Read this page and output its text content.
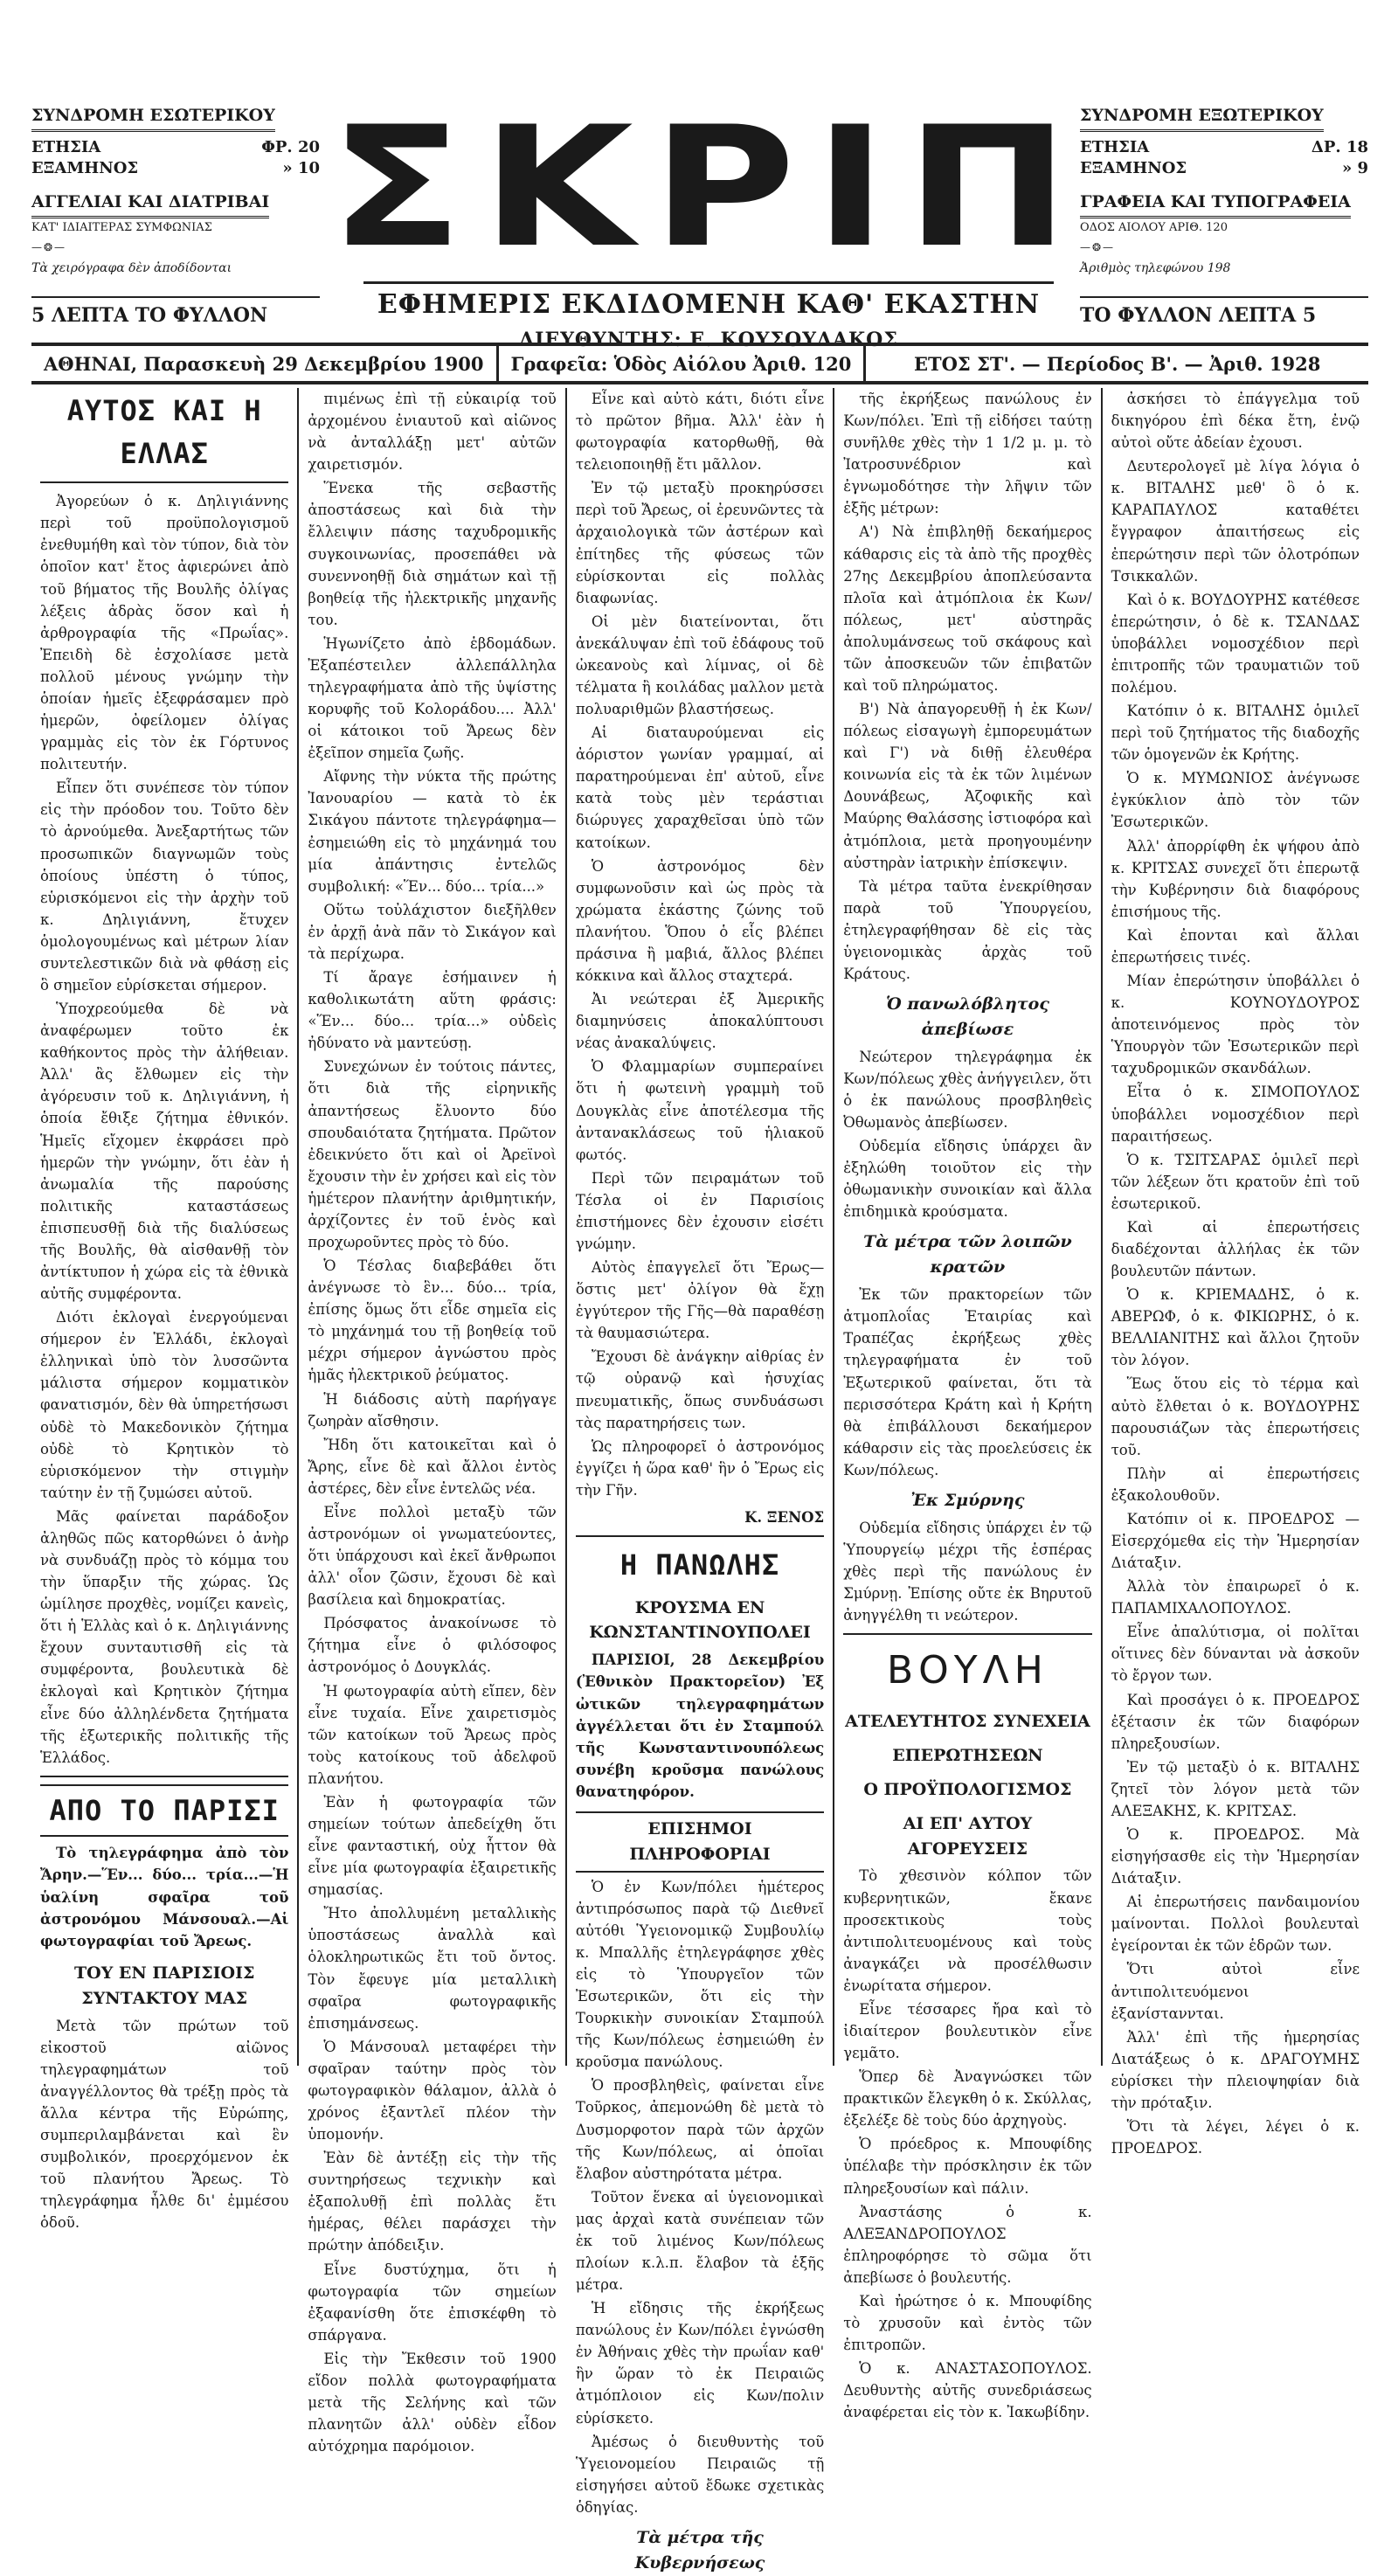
ΣΥΝΔΡΟΜΗ ΕΣΩΤΕΡΙΚΟΥ
ΕΤΗΣΙΑ	ΦΡ. 20
ΕΞΑΜΗΝΟΣ	» 10
ΑΓΓΕΛΙΑΙ ΚΑΙ ΔΙΑΤΡΙΒΑΙ
ΚΑΤ' ΙΔΙΑΙΤΕΡΑΣ ΣΥΜΦΩΝΙΑΣ
—❂—
Τὰ χειρόγραφα δὲν ἀποδίδονται
5 ΛΕΠΤΑ ΤΟ ΦΥΛΛΟΝ
ΣΚΡΙΠ
ΕΦΗΜΕΡΙΣ ΕΚΔΙΔΟΜΕΝΗ ΚΑΘ' ΕΚΑΣΤΗΝ
ΔΙΕΥΘΥΝΤΗΣ: Ε. ΚΟΥΣΟΥΛΑΚΟΣ
ΣΥΝΔΡΟΜΗ ΕΞΩΤΕΡΙΚΟΥ
ΕΤΗΣΙΑ	ΔΡ. 18
ΕΞΑΜΗΝΟΣ	» 9
ΓΡΑΦΕΙΑ ΚΑΙ ΤΥΠΟΓΡΑΦΕΙΑ
ΟΔΟΣ ΑΙΟΛΟΥ ΑΡΙΘ. 120
—❂—
Ἀριθμὸς τηλεφώνου 198
ΤΟ ΦΥΛΛΟΝ ΛΕΠΤΑ 5
ΑΘΗΝΑΙ, Παρασκευὴ 29 Δεκεμβρίου 1900	Γραφεῖα: Ὁδὸς Αἰόλου Ἀριθ. 120	ΕΤΟΣ ΣΤ'. — Περίοδος Β'. — Ἀριθ. 1928
ΑΥΤΟΣ ΚΑΙ Η ΕΛΛΑΣ

Ἀγορεύων ὁ κ. Δηλιγιάννης περὶ τοῦ προϋπολογισμοῦ ἐνεθυμήθη καὶ τὸν τύπον, διὰ τὸν ὁποῖον κατ' ἔτος ἀφιερώνει ἀπὸ τοῦ βήματος τῆς Βουλῆς ὀλίγας λέξεις ἀδρὰς ὅσον καὶ ἡ ἀρθρογραφία τῆς «Πρωΐας». Ἐπειδὴ δὲ ἐσχολίασε μετὰ πολλοῦ μένους γνώμην τὴν ὁποίαν ἡμεῖς ἐξεφράσαμεν πρὸ ἡμερῶν, ὀφείλομεν ὀλίγας γραμμὰς εἰς τὸν ἐκ Γόρτυνος πολιτευτήν.

Εἶπεν ὅτι συνέπεσε τὸν τύπον εἰς τὴν πρόοδον του. Τοῦτο δὲν τὸ ἀρνούμεθα. Ἀνεξαρτήτως τῶν προσωπικῶν διαγνωμῶν τοὺς ὁποίους ὑπέστη ὁ τύπος, εὑρισκόμενοι εἰς τὴν ἀρχὴν τοῦ κ. Δηλιγιάννη, ἔτυχεν ὁμολογουμένως καὶ μέτρων λίαν συντελεστικῶν διὰ νὰ φθάσῃ εἰς ὃ σημεῖον εὑρίσκεται σήμερον.

Ὑποχρεούμεθα δὲ νὰ ἀναφέρωμεν τοῦτο ἐκ καθήκοντος πρὸς τὴν ἀλήθειαν. Ἀλλ' ἂς ἔλθωμεν εἰς τὴν ἀγόρευσιν τοῦ κ. Δηλιγιάννη, ἡ ὁποία ἔθιξε ζήτημα ἐθνικόν. Ἡμεῖς εἴχομεν ἐκφράσει πρὸ ἡμερῶν τὴν γνώμην, ὅτι ἐὰν ἡ ἀνωμαλία τῆς παρούσης πολιτικῆς καταστάσεως ἐπισπευσθῇ διὰ τῆς διαλύσεως τῆς Βουλῆς, θὰ αἰσθανθῇ τὸν ἀντίκτυπον ἡ χώρα εἰς τὰ ἐθνικὰ αὐτῆς συμφέροντα.

Διότι ἐκλογαὶ ἐνεργούμεναι σήμερον ἐν Ἑλλάδι, ἐκλογαὶ ἑλληνικαὶ ὑπὸ τὸν λυσσῶντα μάλιστα σήμερον κομματικὸν φανατισμόν, δὲν θὰ ὑπηρετήσωσι οὐδὲ τὸ Μακεδονικὸν ζήτημα οὐδὲ τὸ Κρητικὸν τὸ εὑρισκόμενον τὴν στιγμὴν ταύτην ἐν τῇ ζυμώσει αὐτοῦ.

Μᾶς φαίνεται παράδοξον ἀληθῶς πῶς κατορθώνει ὁ ἀνὴρ νὰ συνδυάζῃ πρὸς τὸ κόμμα του τὴν ὕπαρξιν τῆς χώρας. Ὡς ὡμίλησε προχθὲς, νομίζει κανεὶς, ὅτι ἡ Ἑλλὰς καὶ ὁ κ. Δηλιγιάννης ἔχουν συνταυτισθῆ εἰς τὰ συμφέροντα, βουλευτικὰ δὲ ἐκλογαὶ καὶ Κρητικὸν ζήτημα εἶνε δύο ἀλληλένδετα ζητήματα τῆς ἐξωτερικῆς πολιτικῆς τῆς Ἑλλάδος.

ΑΠΟ ΤΟ ΠΑΡΙΣΙ

Τὸ τηλεγράφημα ἀπὸ τὸν Ἄρην.—Ἕν... δύο... τρία...—Ἡ ὑαλίνη σφαῖρα τοῦ ἀστρονόμου Μάνσουαλ.—Αἱ φωτογραφίαι τοῦ Ἄρεως.

ΤΟΥ ΕΝ ΠΑΡΙΣΙΟΙΣ ΣΥΝΤΑΚΤΟΥ ΜΑΣ

Μετὰ τῶν πρώτων τοῦ εἰκοστοῦ αἰῶνος τηλεγραφημάτων τοῦ ἀναγγέλλοντος θὰ τρέξῃ πρὸς τὰ ἄλλα κέντρα τῆς Εὐρώπης, συμπεριλαμβάνεται καὶ ἓν συμβολικόν, προερχόμενον ἐκ τοῦ πλανήτου Ἄρεως. Τὸ τηλεγράφημα ἦλθε δι' ἐμμέσου ὁδοῦ.

πιμένως ἐπὶ τῇ εὐκαιρίᾳ τοῦ ἀρχομένου ἐνιαυτοῦ καὶ αἰῶνος νὰ ἀνταλλάξῃ μετ' αὐτῶν χαιρετισμόν.

Ἕνεκα τῆς σεβαστῆς ἀποστάσεως καὶ διὰ τὴν ἔλλειψιν πάσης ταχυδρομικῆς συγκοινωνίας, προσεπάθει νὰ συνεννοηθῇ διὰ σημάτων καὶ τῇ βοηθείᾳ τῆς ἠλεκτρικῆς μηχανῆς του.

Ἡγωνίζετο ἀπὸ ἑβδομάδων. Ἐξαπέστειλεν ἀλλεπάλληλα τηλεγραφήματα ἀπὸ τῆς ὑψίστης κορυφῆς τοῦ Κολοράδου.... Ἀλλ' οἱ κάτοικοι τοῦ Ἄρεως δὲν ἐξεῖπον σημεῖα ζωῆς.

Αἴφνης τὴν νύκτα τῆς πρώτης Ἰανουαρίου — κατὰ τὸ ἐκ Σικάγου πάντοτε τηλεγράφημα—ἐσημειώθη εἰς τὸ μηχάνημά του μία ἀπάντησις ἐντελῶς συμβολική: «Ἕν... δύο... τρία...»

Οὕτω τοὐλάχιστον διεξῆλθεν ἐν ἀρχῇ ἀνὰ πᾶν τὸ Σικάγον καὶ τὰ περίχωρα.

Τί ἄραγε ἐσήμαινεν ἡ καθολικωτάτη αὕτη φράσις: «Ἕν... δύο... τρία...» οὐδεὶς ἠδύνατο νὰ μαντεύσῃ.

Συνεχώνων ἐν τούτοις πάντες, ὅτι διὰ τῆς εἰρηνικῆς ἀπαντήσεως ἔλυοντο δύο σπουδαιότατα ζητήματα. Πρῶτον ἐδεικνύετο ὅτι καὶ οἱ Ἀρεϊνοὶ ἔχουσιν τὴν ἐν χρήσει καὶ εἰς τὸν ἡμέτερον πλανήτην ἀριθμητικήν, ἀρχίζοντες ἐν τοῦ ἑνὸς καὶ προχωροῦντες πρὸς τὸ δύο.

Ὁ Τέσλας διαβεβάθει ὅτι ἀνέγνωσε τὸ ἓν... δύο... τρία, ἐπίσης ὅμως ὅτι εἶδε σημεῖα εἰς τὸ μηχάνημά του τῇ βοηθείᾳ τοῦ μέχρι σήμερον ἀγνώστου πρὸς ἡμᾶς ἠλεκτρικοῦ ῥεύματος.

Ἡ διάδοσις αὐτὴ παρήγαγε ζωηρὰν αἴσθησιν.

Ἤδη ὅτι κατοικεῖται καὶ ὁ Ἄρης, εἶνε δὲ καὶ ἄλλοι ἐντὸς ἀστέρες, δὲν εἶνε ἐντελῶς νέα.

Εἶνε πολλοὶ μεταξὺ τῶν ἀστρονόμων οἱ γνωματεύοντες, ὅτι ὑπάρχουσι καὶ ἐκεῖ ἄνθρωποι ἀλλ' οἷον ζῶσιν, ἔχουσι δὲ καὶ βασίλεια καὶ δημοκρατίας.

Πρόσφατος ἀνακοίνωσε τὸ ζήτημα εἶνε ὁ φιλόσοφος ἀστρονόμος ὁ Δουγκλάς.

Ἡ φωτογραφία αὐτὴ εἴπεν, δὲν εἶνε τυχαία. Εἶνε χαιρετισμὸς τῶν κατοίκων τοῦ Ἄρεως πρὸς τοὺς κατοίκους τοῦ ἀδελφοῦ πλανήτου.

Ἐὰν ἡ φωτογραφία τῶν σημείων τούτων ἀπεδείχθη ὅτι εἶνε φανταστική, οὐχ ἧττον θὰ εἶνε μία φωτογραφία ἐξαιρετικῆς σημασίας.

Ἤτο ἀπολλυμένη μεταλλικὴς ὑποστάσεως ἀναλλὰ καὶ ὁλοκληρωτικῶς ἔτι τοῦ ὄντος. Τὸν ἔφευγε μία μεταλλικὴ σφαῖρα φωτογραφικῆς ἐπισημάνσεως.

Ὁ Μάνσουαλ μεταφέρει τὴν σφαῖραν ταύτην πρὸς τὸν φωτογραφικὸν θάλαμον, ἀλλὰ ὁ χρόνος ἐξαντλεῖ πλέον τὴν ὑπομονήν.

Ἐὰν δὲ ἀντέξῃ εἰς τὴν τῆς συντηρήσεως τεχνικὴν καὶ ἐξαπολυθῇ ἐπὶ πολλὰς ἔτι ἡμέρας, θέλει παράσχει τὴν πρώτην ἀπόδειξιν.

Εἶνε δυστύχημα, ὅτι ἡ φωτογραφία τῶν σημείων ἐξαφανίσθη ὅτε ἐπισκέφθη τὸ σπάργανα.

Εἰς τὴν Ἔκθεσιν τοῦ 1900 εἴδον πολλὰ φωτογραφήματα μετὰ τῆς Σελήνης καὶ τῶν πλανητῶν ἀλλ' οὐδὲν εἶδον αὐτόχρημα παρόμοιον.

Εἶνε καὶ αὐτὸ κάτι, διότι εἶνε τὸ πρῶτον βῆμα. Ἀλλ' ἐὰν ἡ φωτογραφία κατορθωθῇ, θὰ τελειοποιηθῇ ἔτι μᾶλλον.

Ἐν τῷ μεταξὺ προκηρύσσει περὶ τοῦ Ἄρεως, οἱ ἐρευνῶντες τὰ ἀρχαιολογικὰ τῶν ἀστέρων καὶ ἐπίτηδες τῆς φύσεως τῶν εὑρίσκονται εἰς πολλὰς διαφωνίας.

Οἱ μὲν διατείνονται, ὅτι ἀνεκάλυψαν ἐπὶ τοῦ ἐδάφους τοῦ ὠκεανοὺς καὶ λίμνας, οἱ δὲ τέλματα ἢ κοιλάδας μαλλον μετὰ πολυαριθμῶν βλαστήσεως.

Αἱ διαταυρούμεναι εἰς ἀόριστον γωνίαν γραμμαί, αἱ παρατηρούμεναι ἐπ' αὐτοῦ, εἶνε κατὰ τοὺς μὲν τεράστιαι διώρυγες χαραχθεῖσαι ὑπὸ τῶν κατοίκων.

Ὁ ἀστρονόμος δὲν συμφωνοῦσιν καὶ ὡς πρὸς τὰ χρώματα ἑκάστης ζώνης τοῦ πλανήτου. Ὅπου ὁ εἷς βλέπει πράσινα ἢ μαβιά, ἄλλος βλέπει κόκκινα καὶ ἄλλος σταχτερά.

Ἀι νεώτεραι ἐξ Ἀμερικῆς διαμηνύσεις ἀποκαλύπτουσι νέας ἀνακαλύψεις.

Ὁ Φλαμμαρίων συμπεραίνει ὅτι ἡ φωτεινὴ γραμμὴ τοῦ Δουγκλὰς εἶνε ἀποτέλεσμα τῆς ἀντανακλάσεως τοῦ ἡλιακοῦ φωτός.

Περὶ τῶν πειραμάτων τοῦ Τέσλα οἱ ἐν Παρισίοις ἐπιστήμονες δὲν ἐχουσιν εἰσέτι γνώμην.

Αὐτὸς ἐπαγγελεῖ ὅτι Ἔρως—ὅστις μετ' ὀλίγον θὰ ἔχῃ ἐγγύτερον τῆς Γῆς—θὰ παραθέσῃ τὰ θαυμασιώτερα.

Ἔχουσι δὲ ἀνάγκην αἰθρίας ἐν τῷ οὐρανῷ καὶ ἡσυχίας πνευματικῆς, ὅπως συνδυάσωσι τὰς παρατηρήσεις των.

Ὡς πληροφορεῖ ὁ ἀστρονόμος ἐγγίζει ἡ ὥρα καθ' ἣν ὁ Ἔρως εἰς τὴν Γῆν.

Κ. ΞΕΝΟΣ
Η ΠΑΝΩΛΗΣ
ΚΡΟΥΣΜΑ ΕΝ ΚΩΝΣΤΑΝΤΙΝΟΥΠΟΛΕΙ

ΠΑΡΙΣΙΟΙ, 28 Δεκεμβρίου (Ἐθνικὸν Πρακτορεῖον) Ἐξ ὠτικῶν τηλεγραφημάτων ἀγγέλλεται ὅτι ἐν Σταμπούλ τῆς Κωνσταντινουπόλεως συνέβη κροῦσμα πανώλους θανατηφόρον.

ΕΠΙΣΗΜΟΙ ΠΛΗΡΟΦΟΡΙΑΙ

Ὁ ἐν Κων/πόλει ἡμέτερος ἀντιπρόσωπος παρὰ τῷ Διεθνεῖ αὐτόθι Ὑγειονομικῷ Συμβουλίῳ κ. Μπαλλῆς ἐτηλεγράφησε χθὲς εἰς τὸ Ὑπουργεῖον τῶν Ἐσωτερικῶν, ὅτι εἰς τὴν Τουρκικὴν συνοικίαν Σταμπούλ τῆς Κων/πόλεως ἐσημειώθη ἐν κροῦσμα πανώλους.

Ὁ προσβληθεὶς, φαίνεται εἶνε Τοῦρκος, ἀπεμονώθη δὲ μετὰ τὸ Δυσμορφοτον παρὰ τῶν ἀρχῶν τῆς Κων/πόλεως, αἱ ὁποῖαι ἔλαβον αὐστηρότατα μέτρα.

Τοῦτον ἕνεκα αἱ ὑγειονομικαὶ μας ἀρχαὶ κατὰ συνέπειαν τῶν ἐκ τοῦ λιμένος Κων/πόλεως πλοίων κ.λ.π. ἔλαβον τὰ ἑξῆς μέτρα.

Ἡ εἴδησις τῆς ἐκρήξεως πανώλους ἐν Κων/πόλει ἐγνώσθη ἐν Ἀθήναις χθὲς τὴν πρωΐαν καθ' ἣν ὥραν τὸ ἐκ Πειραιῶς ἀτμόπλοιον εἰς Κων/πολιν εὑρίσκετο.

Ἀμέσως ὁ διευθυντὴς τοῦ Ὑγειονομείου Πειραιῶς τῇ εἰσηγήσει αὐτοῦ ἔδωκε σχετικὰς ὁδηγίας.

Τὰ μέτρα τῆς Κυβερνήσεως

τῆς ἐκρήξεως πανώλους ἐν Κων/πόλει. Ἐπὶ τῇ εἰδήσει ταύτῃ συνῆλθε χθὲς τὴν 1 1/2 μ. μ. τὸ Ἰατροσυνέδριον καὶ ἐγνωμοδότησε τὴν λῆψιν τῶν ἑξῆς μέτρων:

Α') Νὰ ἐπιβληθῇ δεκαήμερος κάθαρσις εἰς τὰ ἀπὸ τῆς προχθὲς 27ης Δεκεμβρίου ἀποπλεύσαντα πλοῖα καὶ ἀτμόπλοια ἐκ Κων/πόλεως, μετ' αὐστηρᾶς ἀπολυμάνσεως τοῦ σκάφους καὶ τῶν ἀποσκευῶν τῶν ἐπιβατῶν καὶ τοῦ πληρώματος.

Β') Νὰ ἀπαγορευθῇ ἡ ἐκ Κων/πόλεως εἰσαγωγὴ ἐμπορευμάτων καὶ Γ') νὰ διθῇ ἐλευθέρα κοινωνία εἰς τὰ ἐκ τῶν λιμένων Δουνάβεως, Ἀζοφικῆς καὶ Μαύρης Θαλάσσης ἱστιοφόρα καὶ ἀτμόπλοια, μετὰ προηγουμένην αὐστηρὰν ἰατρικὴν ἐπίσκεψιν.

Τὰ μέτρα ταῦτα ἐνεκρίθησαν παρὰ τοῦ Ὑπουργείου, ἐτηλεγραφήθησαν δὲ εἰς τὰς ὑγειονομικὰς ἀρχὰς τοῦ Κράτους.

Ὁ πανωλόβλητος ἀπεβίωσε

Νεώτερον τηλεγράφημα ἐκ Κων/πόλεως χθὲς ἀνήγγειλεν, ὅτι ὁ ἐκ πανώλους προσβληθεὶς Ὀθωμανὸς ἀπεβίωσεν.

Οὐδεμία εἴδησις ὑπάρχει ἂν ἐξηλώθη τοιοῦτον εἰς τὴν ὀθωμανικὴν συνοικίαν καὶ ἄλλα ἐπιδημικὰ κρούσματα.

Τὰ μέτρα τῶν λοιπῶν κρατῶν

Ἐκ τῶν πρακτορείων τῶν ἀτμοπλοΐας Ἑταιρίας καὶ Τραπέζας ἐκρήξεως χθὲς τηλεγραφήματα ἐν τοῦ Ἐξωτερικοῦ φαίνεται, ὅτι τὰ περισσότερα Κράτη καὶ ἡ Κρήτη θὰ ἐπιβάλλουσι δεκαήμερον κάθαρσιν εἰς τὰς προελεύσεις ἐκ Κων/πόλεως.

Ἐκ Σμύρνης

Οὐδεμία εἴδησις ὑπάρχει ἐν τῷ Ὑπουργείῳ μέχρι τῆς ἑσπέρας χθὲς περὶ τῆς πανώλους ἐν Σμύρνῃ. Ἐπίσης οὔτε ἐκ Βηρυτοῦ ἀνηγγέλθη τι νεώτερον.

ΒΟΥΛΗ
ΑΤΕΛΕΥΤΗΤΟΣ ΣΥΝΕΧΕΙΑ
ΕΠΕΡΩΤΗΣΕΩΝ
Ο ΠΡΟΫΠΟΛΟΓΙΣΜΟΣ
ΑΙ ΕΠ' ΑΥΤΟΥ ΑΓΟΡΕΥΣΕΙΣ

Τὸ χθεσινὸν κόλπον τῶν κυβερνητικῶν, ἔκανε προσεκτικοὺς τοὺς ἀντιπολιτευομένους καὶ τοὺς ἀναγκάζει νὰ προσέλθωσιν ἐνωρίτατα σήμερον.

Εἶνε τέσσαρες ἤρα καὶ τὸ ἰδιαίτερον βουλευτικὸν εἶνε γεμᾶτο.

Ὅπερ δὲ Ἀναγνώσκει τῶν πρακτικῶν ἔλεγκθη ὁ κ. Σκύλλας, ἐξελέξε δὲ τοὺς δύο ἀρχηγοὺς.

Ὁ πρόεδρος κ. Μπουφίδης ὑπέλαβε τὴν πρόσκλησιν ἐκ τῶν πληρεξουσίων καὶ πάλιν.

Ἀναστάσης ὁ κ. ΑΛΕΞΑΝΔΡΟΠΟΥΛΟΣ ἐπληροφόρησε τὸ σῶμα ὅτι ἀπεβίωσε ὁ βουλευτής.

Καὶ ἠρώτησε ὁ κ. Μπουφίδης τὸ χρυσοῦν καὶ ἐντὸς τῶν ἐπιτροπῶν.

Ὁ κ. ΑΝΑΣΤΑΣΟΠΟΥΛΟΣ. Δευθυντὴς αὐτῆς συνεδριάσεως ἀναφέρεται εἰς τὸν κ. Ἰακωβίδην.

ἀσκήσει τὸ ἐπάγγελμα τοῦ δικηγόρου ἐπὶ δέκα ἔτη, ἐνῷ αὐτοὶ οὔτε ἀδείαν ἐχουσι.

Δευτερολογεῖ μὲ λίγα λόγια ὁ κ. ΒΙΤΑΛΗΣ μεθ' ὃ ὁ κ. ΚΑΡΑΠΑΥΛΟΣ καταθέτει ἔγγραφον ἀπαιτήσεως εἰς ἐπερώτησιν περὶ τῶν ὁλοτρόπων Τσικκαλῶν.

Καὶ ὁ κ. ΒΟΥΔΟΥΡΗΣ κατέθεσε ἐπερώτησιν, ὁ δὲ κ. ΤΣΑΝΔΑΣ ὑποβάλλει νομοσχέδιον περὶ ἐπιτροπῆς τῶν τραυματιῶν τοῦ πολέμου.

Κατόπιν ὁ κ. ΒΙΤΑΛΗΣ ὁμιλεῖ περὶ τοῦ ζητήματος τῆς διαδοχῆς τῶν ὁμογενῶν ἐκ Κρήτης.

Ὁ κ. ΜΥΜΩΝΙΟΣ ἀνέγνωσε ἐγκύκλιον ἀπὸ τὸν τῶν Ἐσωτερικῶν.

Ἀλλ' ἀπορρίφθη ἐκ ψήφου ἀπὸ κ. ΚΡΙΤΣΑΣ συνεχεῖ ὅτι ἐπερωτᾷ τὴν Κυβέρνησιν διὰ διαφόρους ἐπισήμους τῆς.

Καὶ ἐπονται καὶ ἄλλαι ἐπερωτήσεις τινές.

Μίαν ἐπερώτησιν ὑποβάλλει ὁ κ. ΚΟΥΝΟΥΔΟΥΡΟΣ ἀποτεινόμενος πρὸς τὸν Ὑπουργὸν τῶν Ἐσωτερικῶν περὶ ταχυδρομικῶν σκανδάλων.

Εἶτα ὁ κ. ΣΙΜΟΠΟΥΛΟΣ ὑποβάλλει νομοσχέδιον περὶ παραιτήσεως.

Ὁ κ. ΤΣΙΤΣΑΡΑΣ ὁμιλεῖ περὶ τῶν λέξεων ὅτι κρατοῦν ἐπὶ τοῦ ἐσωτερικοῦ.

Καὶ αἱ ἐπερωτήσεις διαδέχονται ἀλλήλας ἐκ τῶν βουλευτῶν πάντων.

Ὁ κ. ΚΡΙΕΜΑΔΗΣ, ὁ κ. ΑΒΕΡΩΦ, ὁ κ. ΦΙΚΙΩΡΗΣ, ὁ κ. ΒΕΛΛΙΑΝΙΤΗΣ καὶ ἄλλοι ζητοῦν τὸν λόγον.

Ἕως ὅτου εἰς τὸ τέρμα καὶ αὐτὸ ἔλθεται ὁ κ. ΒΟΥΔΟΥΡΗΣ παρουσιάζων τὰς ἐπερωτήσεις τοῦ.

Πλὴν αἱ ἐπερωτήσεις ἐξακολουθοῦν.

Κατόπιν οἱ κ. ΠΡΟΕΔΡΟΣ — Εἰσερχόμεθα εἰς τὴν Ἡμερησίαν Διάταξιν.

Ἀλλὰ τὸν ἐπαιρωρεῖ ὁ κ. ΠΑΠΑΜΙΧΑΛΟΠΟΥΛΟΣ.

Εἶνε ἀπαλύτισμα, οἱ πολῖται οἵτινες δὲν δύνανται νὰ ἀσκοῦν τὸ ἔργον των.

Καὶ προσάγει ὁ κ. ΠΡΟΕΔΡΟΣ ἐξέτασιν ἐκ τῶν διαφόρων πληρεξουσίων.

Ἐν τῷ μεταξὺ ὁ κ. ΒΙΤΑΛΗΣ ζητεῖ τὸν λόγον μετὰ τῶν ΑΛΕΞΑΚΗΣ, Κ. ΚΡΙΤΣΑΣ.

Ὁ κ. ΠΡΟΕΔΡΟΣ. Μὰ εἰσηγήσασθε εἰς τὴν Ἡμερησίαν Διάταξιν.

Αἱ ἐπερωτήσεις πανδαιμονίου μαίνονται. Πολλοὶ βουλευταὶ ἐγείρονται ἐκ τῶν ἑδρῶν των.

Ὅτι αὐτοὶ εἶνε ἀντιπολιτευόμενοι ἐξανίσταννται.

Ἀλλ' ἐπὶ τῆς ἡμερησίας Διατάξεως ὁ κ. ΔΡΑΓΟΥΜΗΣ εὑρίσκει τὴν πλειοψηφίαν διὰ τὴν πρόταξιν.

Ὅτι τὰ λέγει, λέγει ὁ κ. ΠΡΟΕΔΡΟΣ.
